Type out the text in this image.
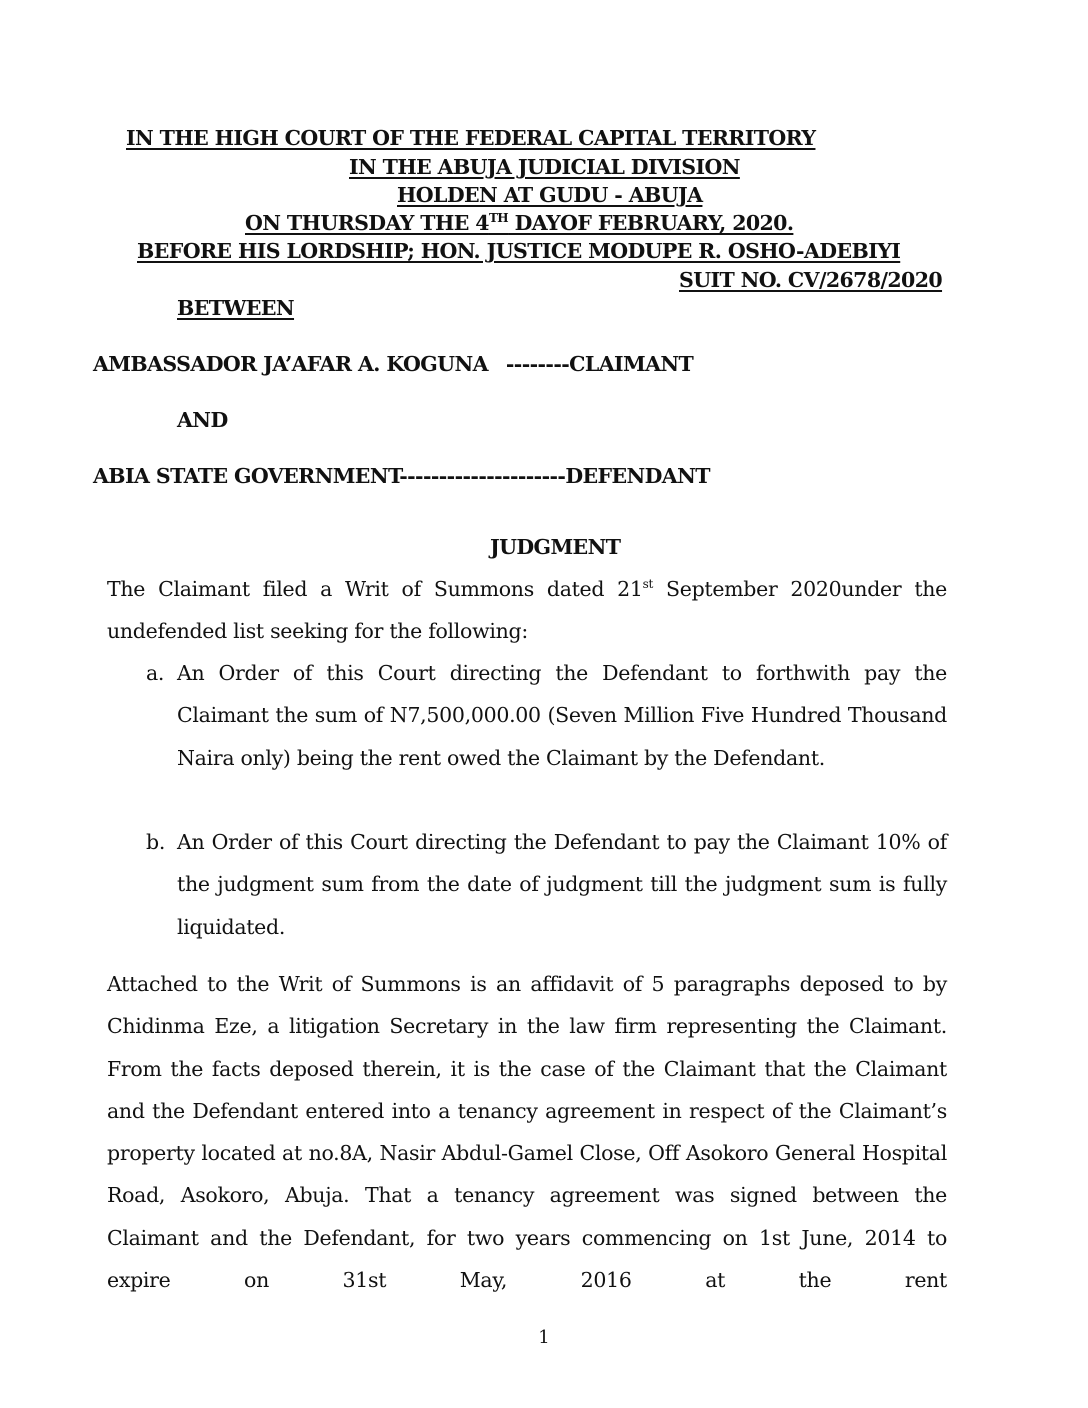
IN THE HIGH COURT OF THE FEDERAL CAPITAL TERRITORY
IN THE ABUJA JUDICIAL DIVISION
HOLDEN AT GUDU - ABUJA
ON THURSDAY THE 4TH DAYOF FEBRUARY, 2020.
BEFORE HIS LORDSHIP; HON. JUSTICE MODUPE R. OSHO-ADEBIYI
SUIT NO. CV/2678/2020
BETWEEN
AMBASSADOR JA’AFAR A. KOGUNA --------CLAIMANT
AND
ABIA STATE GOVERNMENT---------------------DEFENDANT
JUDGMENT
The Claimant filed a Writ of Summons dated 21st September 2020under the undefended list seeking for the following:
a. An Order of this Court directing the Defendant to forthwith pay the Claimant the sum of N7,500,000.00 (Seven Million Five Hundred Thousand Naira only) being the rent owed the Claimant by the Defendant.
b. An Order of this Court directing the Defendant to pay the Claimant 10% of the judgment sum from the date of judgment till the judgment sum is fully liquidated.
Attached to the Writ of Summons is an affidavit of 5 paragraphs deposed to by Chidinma Eze, a litigation Secretary in the law firm representing the Claimant. From the facts deposed therein, it is the case of the Claimant that the Claimant and the Defendant entered into a tenancy agreement in respect of the Claimant’s property located at no.8A, Nasir Abdul-Gamel Close, Off Asokoro General Hospital Road, Asokoro, Abuja. That a tenancy agreement was signed between the Claimant and the Defendant, for two years commencing on 1st June, 2014 to expire on 31st May, 2016 at the rent
1
